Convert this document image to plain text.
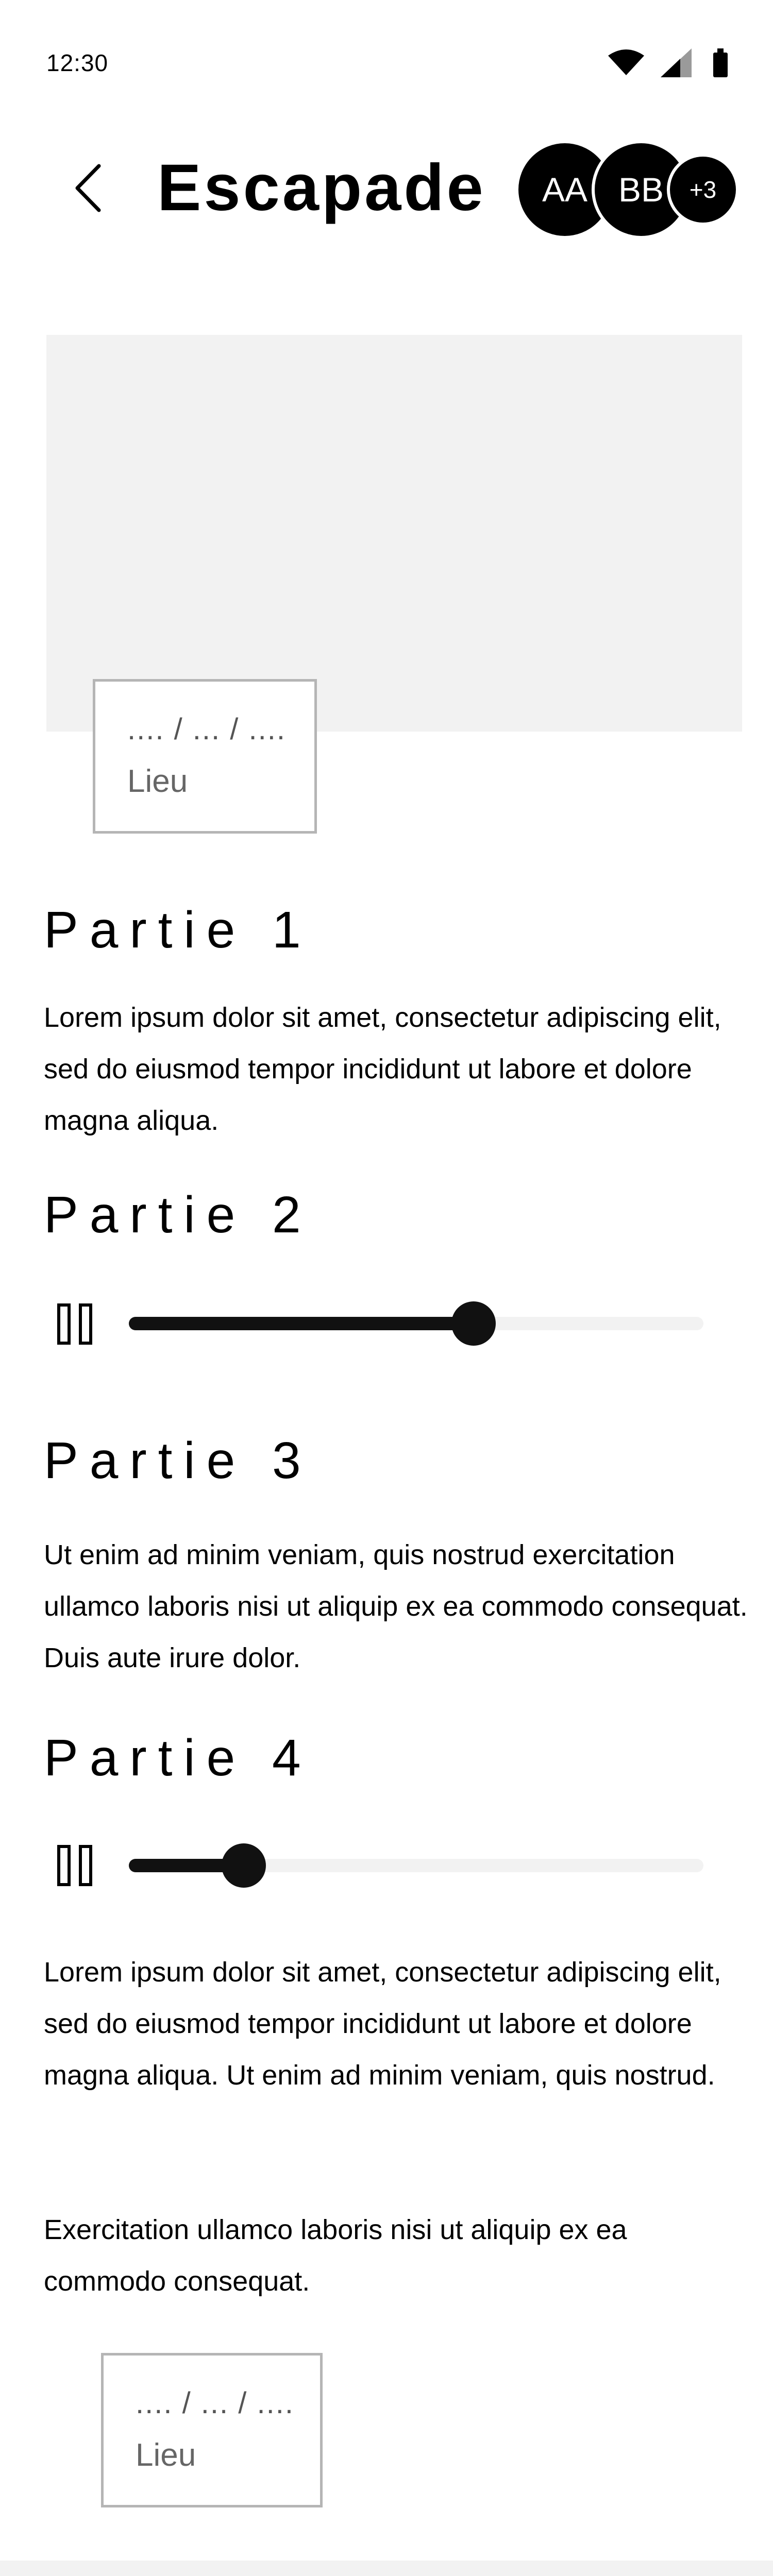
12:30
Escapade AA BB +3
.... / ... / ....
Lieu
Partie 1
Lorem ipsum dolor sit amet, consectetur adipiscing elit, sed do eiusmod tempor incididunt ut labore et dolore magna aliqua.
Partie 2
Partie 3
Ut enim ad minim veniam, quis nostrud exercitation ullamco laboris nisi ut aliquip ex ea commodo consequat. Duis aute irure dolor.
Partie 4
Lorem ipsum dolor sit amet, consectetur adipiscing elit, sed do eiusmod tempor incididunt ut labore et dolore magna aliqua. Ut enim ad minim veniam, quis nostrud.
Exercitation ullamco laboris nisi ut aliquip ex ea commodo consequat.
.... / ... / ....
Lieu
